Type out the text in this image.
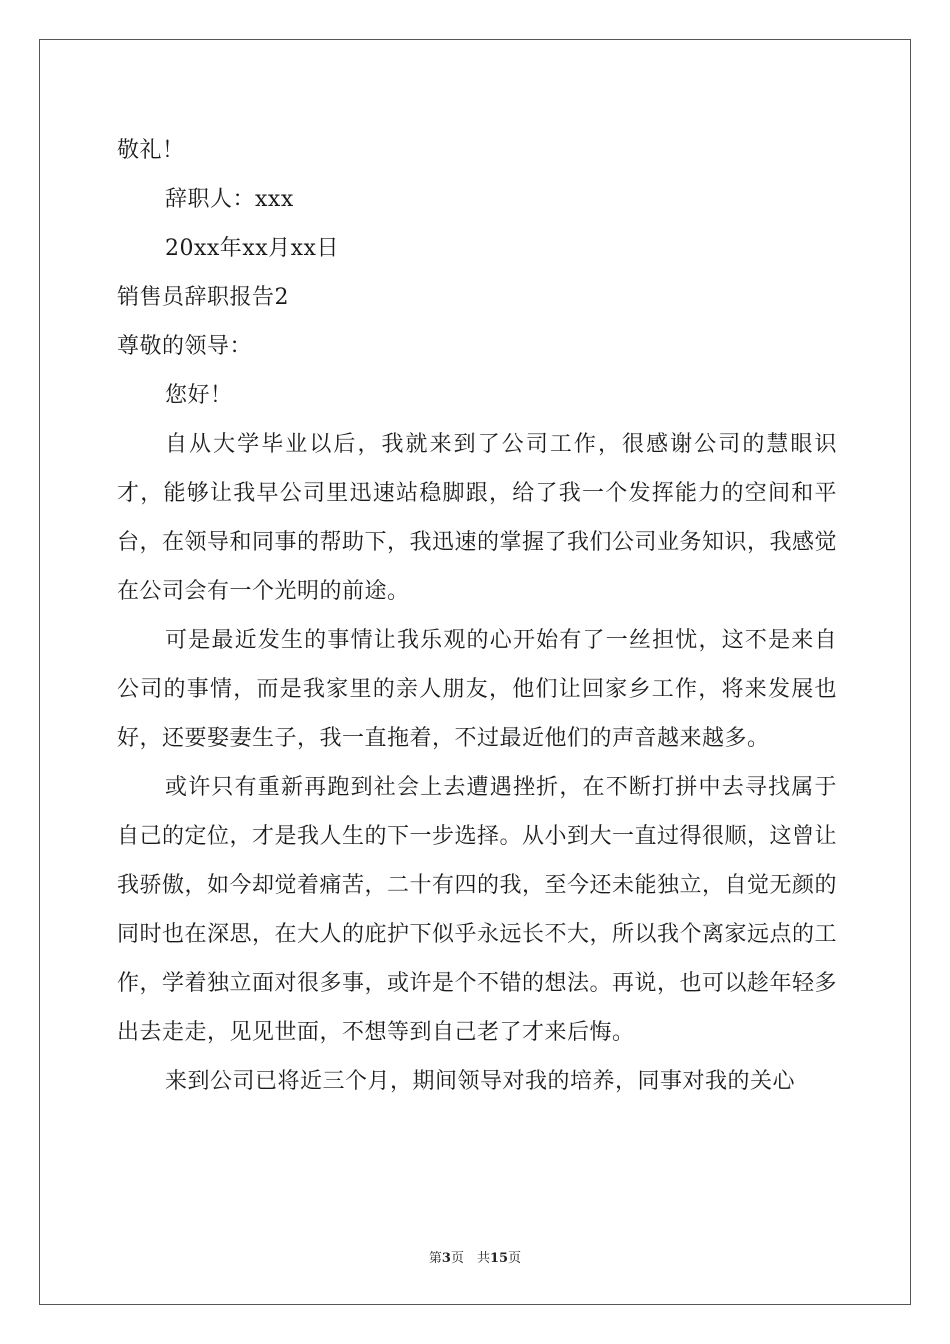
敬礼！
辞职人：xxx
20xx年xx月xx日
销售员辞职报告2
尊敬的领导：
您好！
自从大学毕业以后，我就来到了公司工作，很感谢公司的慧眼识才，能够让我早公司里迅速站稳脚跟，给了我一个发挥能力的空间和平台，在领导和同事的帮助下，我迅速的掌握了我们公司业务知识，我感觉在公司会有一个光明的前途。
可是最近发生的事情让我乐观的心开始有了一丝担忧，这不是来自公司的事情，而是我家里的亲人朋友，他们让回家乡工作，将来发展也好，还要娶妻生子，我一直拖着，不过最近他们的声音越来越多。
或许只有重新再跑到社会上去遭遇挫折，在不断打拼中去寻找属于自己的定位，才是我人生的下一步选择。从小到大一直过得很顺，这曾让我骄傲，如今却觉着痛苦，二十有四的我，至今还未能独立，自觉无颜的同时也在深思，在大人的庇护下似乎永远长不大，所以我个离家远点的工作，学着独立面对很多事，或许是个不错的想法。再说，也可以趁年轻多出去走走，见见世面，不想等到自己老了才来后悔。
来到公司已将近三个月，期间领导对我的培养，同事对我的关心
第3页　共15页
